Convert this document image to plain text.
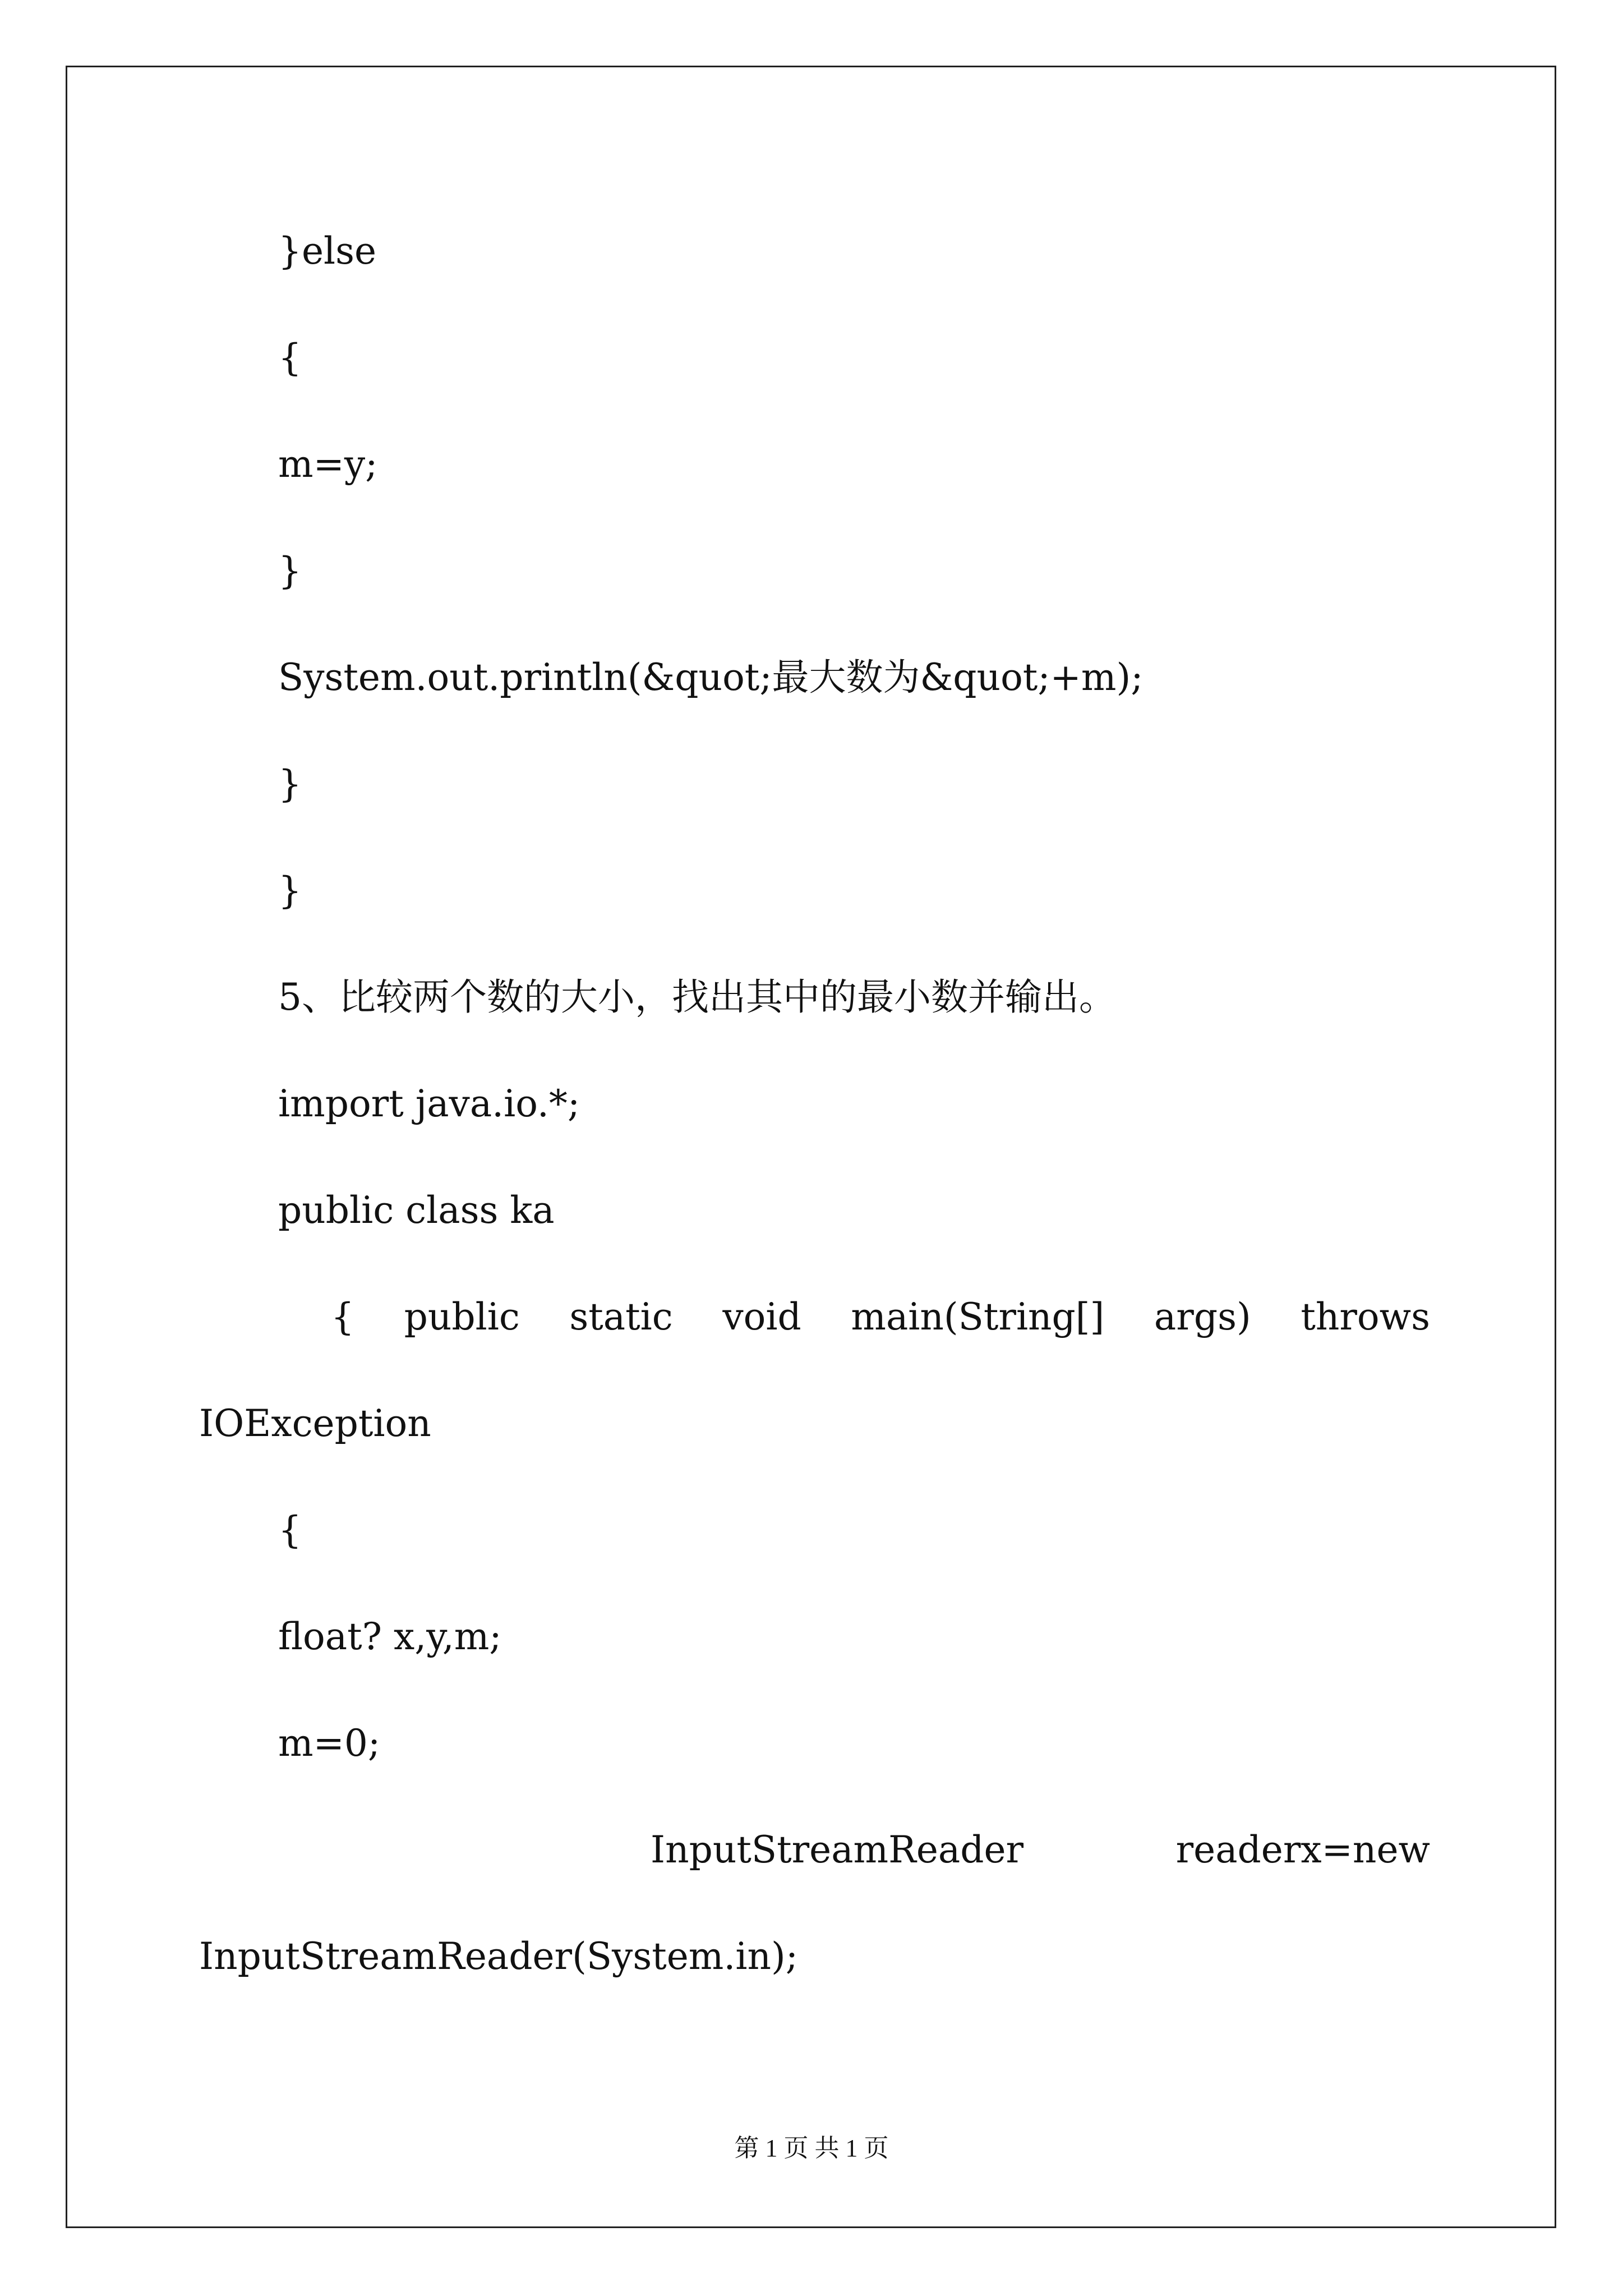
}else
{
m=y;
}
System.out.println(&quot;最大数为&quot;+m);
}
}
5、比较两个数的大小，找出其中的最小数并输出。
import java.io.*;
public class ka
{ public static void main(String[] args) throws
IOException
{
float? x,y,m;
m=0;
InputStreamReader	readerx=new
InputStreamReader(System.in);
第 1 页 共 1 页
